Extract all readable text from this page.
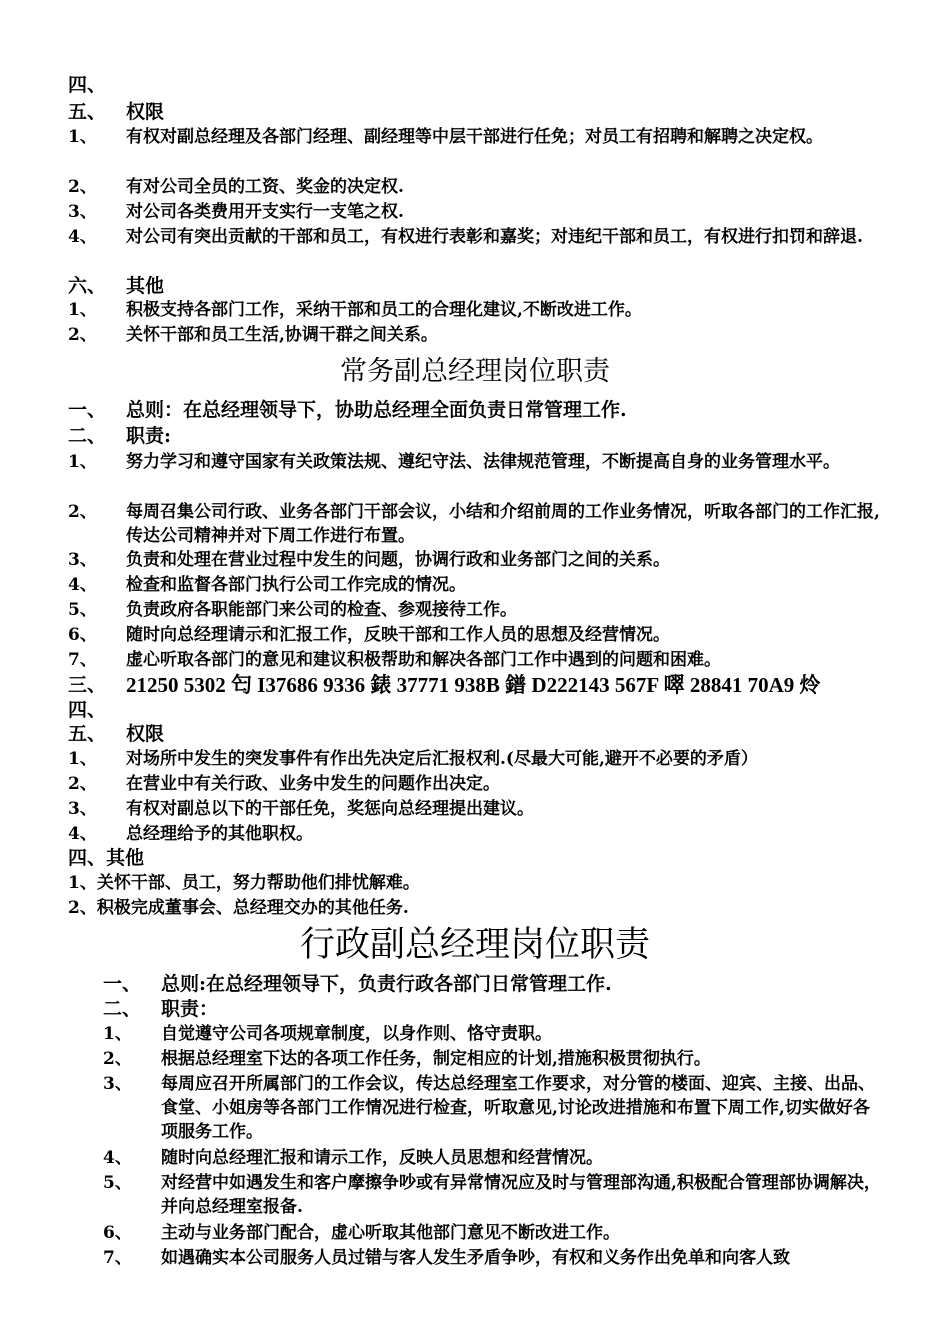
四、
五、 权限
1、 有权对副总经理及各部门经理、副经理等中层干部进行任免；对员工有招聘和解聘之决定权。
2、 有对公司全员的工资、奖金的决定权.
3、 对公司各类费用开支实行一支笔之权.
4、 对公司有突出贡献的干部和员工，有权进行表彰和嘉奖；对违纪干部和员工，有权进行扣罚和辞退.
六、 其他
1、 积极支持各部门工作，采纳干部和员工的合理化建议,不断改进工作。
2、 关怀干部和员工生活,协调干群之间关系。
常务副总经理岗位职责
一、 总则：在总经理领导下，协助总经理全面负责日常管理工作.
二、 职责:
1、 努力学习和遵守国家有关政策法规、遵纪守法、法律规范管理，不断提高自身的业务管理水平。
2、 每周召集公司行政、业务各部门干部会议，小结和介绍前周的工作业务情况，听取各部门的工作汇报,传达公司精神并对下周工作进行布置。
3、 负责和处理在营业过程中发生的问题，协调行政和业务部门之间的关系。
4、 检查和监督各部门执行公司工作完成的情况。
5、 负责政府各职能部门来公司的检查、参观接待工作。
6、 随时向总经理请示和汇报工作，反映干部和工作人员的思想及经营情况。
7、 虚心听取各部门的意见和建议积极帮助和解决各部门工作中遇到的问题和困难。
三、 21250 5302 匄 I37686 9336 錶 37771 938B 鐠 D222143 567F 噿 28841 70A9 炩
四、
五、 权限
1、 对场所中发生的突发事件有作出先决定后汇报权利.(尽最大可能,避开不必要的矛盾）
2、 在营业中有关行政、业务中发生的问题作出决定。
3、 有权对副总以下的干部任免，奖惩向总经理提出建议。
4、 总经理给予的其他职权。
四、其他
1、关怀干部、员工，努力帮助他们排忧解难。
2、积极完成董事会、总经理交办的其他任务.
行政副总经理岗位职责
一、 总则:在总经理领导下，负责行政各部门日常管理工作.
二、 职责：
1、 自觉遵守公司各项规章制度，以身作则、恪守责职。
2、 根据总经理室下达的各项工作任务，制定相应的计划,措施积极贯彻执行。
3、 每周应召开所属部门的工作会议，传达总经理室工作要求，对分管的楼面、迎宾、主接、出品、食堂、小姐房等各部门工作情况进行检查，听取意见,讨论改进措施和布置下周工作,切实做好各项服务工作。
4、 随时向总经理汇报和请示工作，反映人员思想和经营情况。
5、 对经营中如遇发生和客户摩擦争吵或有异常情况应及时与管理部沟通,积极配合管理部协调解决，并向总经理室报备.
6、 主动与业务部门配合，虚心听取其他部门意见不断改进工作。
7、 如遇确实本公司服务人员过错与客人发生矛盾争吵，有权和义务作出免单和向客人致
